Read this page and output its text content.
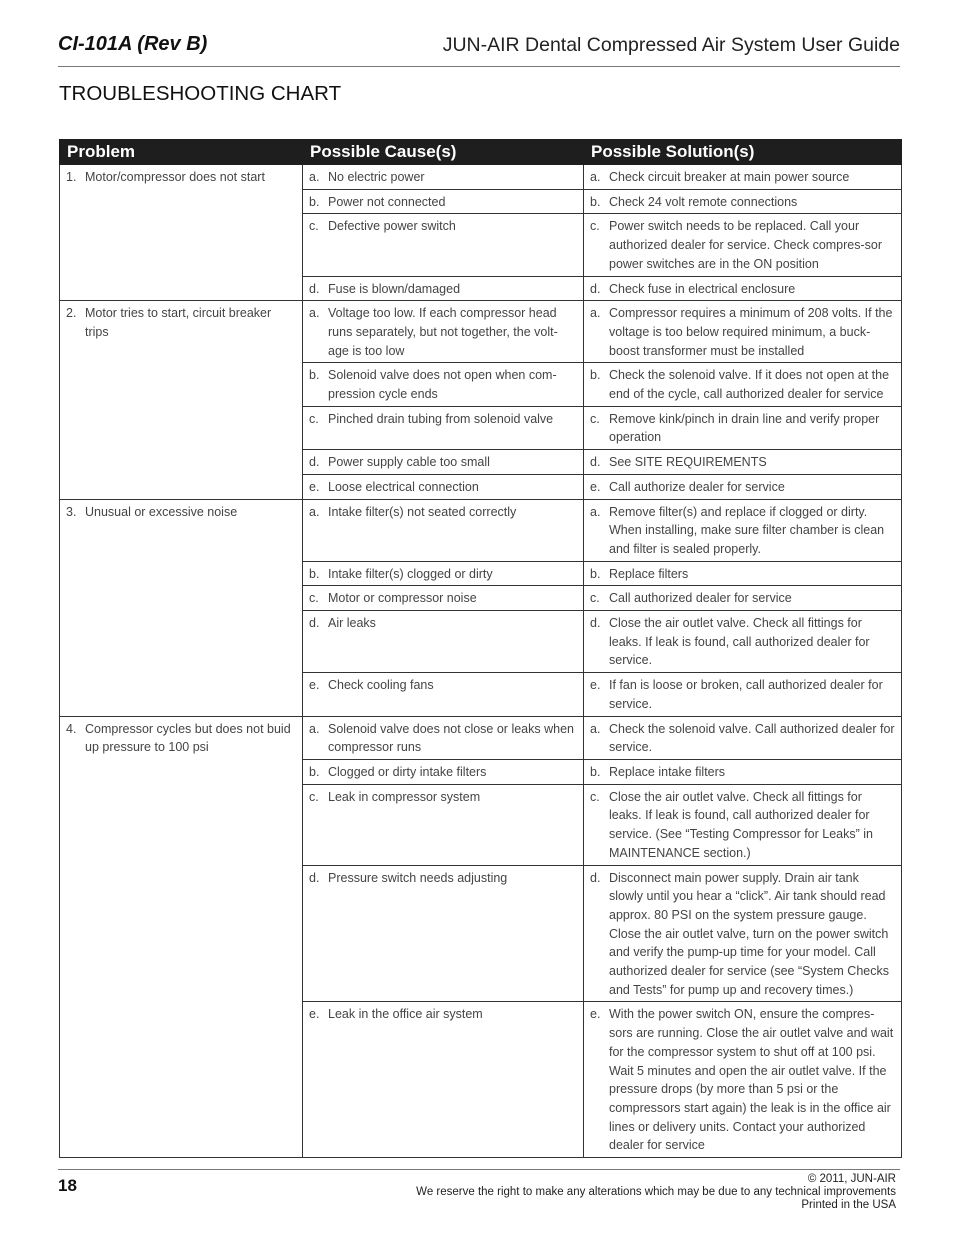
CI-101A (Rev B)	JUN-AIR Dental Compressed Air System User Guide
TROUBLESHOOTING CHART
Problem	Possible Cause(s)	Possible Solution(s)

1. Motor/compressor does not start	a. No electric power	a. Check circuit breaker at main power source

	b. Power not connected	b. Check 24 volt remote connections

	c. Defective power switch	c. Power switch needs to be replaced. Call your authorized dealer for service. Check compres-sor power switches are in the ON position

	d. Fuse is blown/damaged	d. Check fuse in electrical enclosure

2. Motor tries to start, circuit breaker trips	a. Voltage too low. If each compressor head runs separately, but not together, the volt-age is too low	a. Compressor requires a minimum of 208 volts. If the voltage is too below required minimum, a buck-boost transformer must be installed

	b. Solenoid valve does not open when com-pression cycle ends	b. Check the solenoid valve. If it does not open at the end of the cycle, call authorized dealer for service

	c. Pinched drain tubing from solenoid valve	c. Remove kink/pinch in drain line and verify proper operation

	d. Power supply cable too small	d. See SITE REQUIREMENTS

	e. Loose electrical connection	e. Call authorize dealer for service

3. Unusual or excessive noise	a. Intake filter(s) not seated correctly	a. Remove filter(s) and replace if clogged or dirty. When installing, make sure filter chamber is clean and filter is sealed properly.

	b. Intake filter(s) clogged or dirty	b. Replace filters

	c. Motor or compressor noise	c. Call authorized dealer for service

	d. Air leaks	d. Close the air outlet valve. Check all fittings for leaks. If leak is found, call authorized dealer for service.

	e. Check cooling fans	e. If fan is loose or broken, call authorized dealer for service.

4. Compressor cycles but does not buid up pressure to 100 psi	a. Solenoid valve does not close or leaks when compressor runs	a. Check the solenoid valve. Call authorized dealer for service.

	b. Clogged or dirty intake filters	b. Replace intake filters

	c. Leak in compressor system	c. Close the air outlet valve. Check all fittings for leaks. If leak is found, call authorized dealer for service. (See “Testing Compressor for Leaks” in MAINTENANCE section.)

	d. Pressure switch needs adjusting	d. Disconnect main power supply. Drain air tank slowly until you hear a “click”. Air tank should read approx. 80 PSI on the system pressure gauge. Close the air outlet valve, turn on the power switch and verify the pump-up time for your model. Call authorized dealer for service (see “System Checks and Tests” for pump up and recovery times.)

	e. Leak in the office air system	e. With the power switch ON, ensure the compres-sors are running. Close the air outlet valve and wait for the compressor system to shut off at 100 psi. Wait 5 minutes and open the air outlet valve. If the pressure drops (by more than 5 psi or the compressors start again) the leak is in the office air lines or delivery units. Contact your authorized dealer for service
18	© 2011, JUN-AIR
We reserve the right to make any alterations which may be due to any technical improvements
Printed in the USA
